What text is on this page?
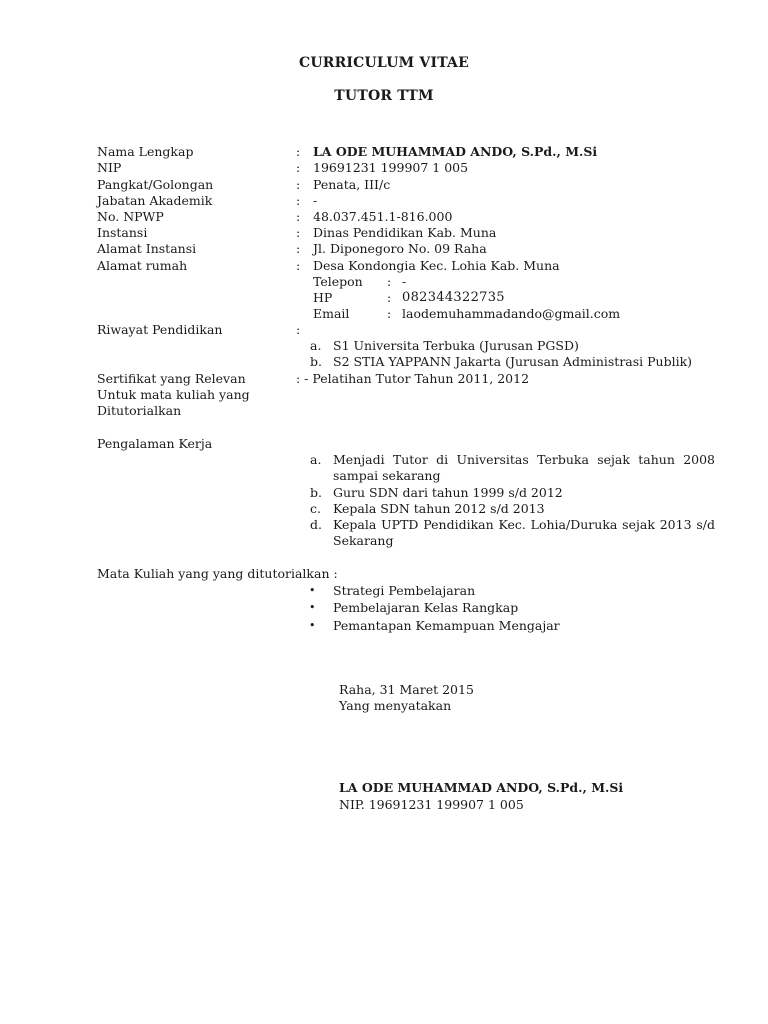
CURRICULUM VITAE
TUTOR TTM
Nama Lengkap	: LA ODE MUHAMMAD ANDO, S.Pd., M.Si
NIP	: 19691231 199907 1 005
Pangkat/Golongan	: Penata, III/c
Jabatan Akademik	: -
No. NPWP	: 48.037.451.1-816.000
Instansi	: Dinas Pendidikan Kab. Muna
Alamat Instansi	: Jl. Diponegoro No. 09 Raha
Alamat rumah	: Desa Kondongia Kec. Lohia Kab. Muna
Telepon : -
HP	: 082344322735
Email	: laodemuhammadando@gmail.com
Riwayat Pendidikan	:
a. S1 Universita Terbuka (Jurusan PGSD)
b. S2 STIA YAPPANN Jakarta (Jurusan Administrasi Publik)
Sertifikat yang Relevan
Untuk mata kuliah yang
Ditutorialkan
: - Pelatihan Tutor Tahun 2011, 2012
Pengalaman Kerja
a. Menjadi Tutor di Universitas Terbuka sejak tahun 2008 sampai sekarang
b. Guru SDN dari tahun 1999 s/d 2012
c. Kepala SDN tahun 2012 s/d 2013
d. Kepala UPTD Pendidikan Kec. Lohia/Duruka sejak 2013 s/d Sekarang
Mata Kuliah yang yang ditutorialkan :
• Strategi Pembelajaran
• Pembelajaran Kelas Rangkap
• Pemantapan Kemampuan Mengajar
Raha, 31 Maret 2015
Yang menyatakan
LA ODE MUHAMMAD ANDO, S.Pd., M.Si
NIP. 19691231 199907 1 005
